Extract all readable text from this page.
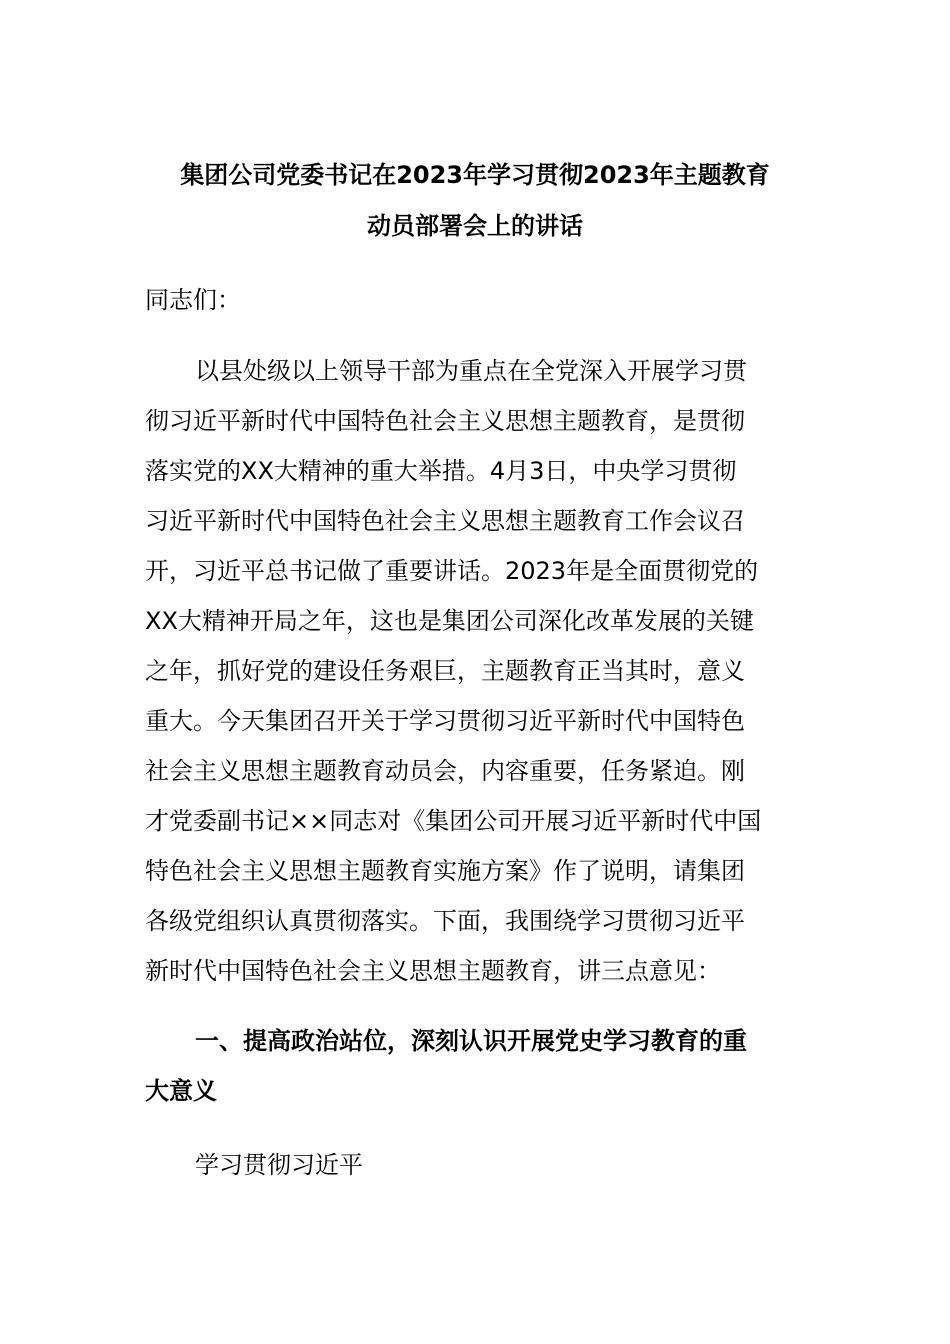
集团公司党委书记在2023年学习贯彻2023年主题教育
动员部署会上的讲话
同志们：
以县处级以上领导干部为重点在全党深入开展学习贯
彻习近平新时代中国特色社会主义思想主题教育，是贯彻
落实党的XX大精神的重大举措。4月3日，中央学习贯彻
习近平新时代中国特色社会主义思想主题教育工作会议召
开，习近平总书记做了重要讲话。2023年是全面贯彻党的
XX大精神开局之年，这也是集团公司深化改革发展的关键
之年，抓好党的建设任务艰巨，主题教育正当其时，意义
重大。今天集团召开关于学习贯彻习近平新时代中国特色
社会主义思想主题教育动员会，内容重要，任务紧迫。刚
才党委副书记××同志对《集团公司开展习近平新时代中国
特色社会主义思想主题教育实施方案》作了说明，请集团
各级党组织认真贯彻落实。下面，我围绕学习贯彻习近平
新时代中国特色社会主义思想主题教育，讲三点意见：
一、提高政治站位，深刻认识开展党史学习教育的重
大意义
学习贯彻习近平
